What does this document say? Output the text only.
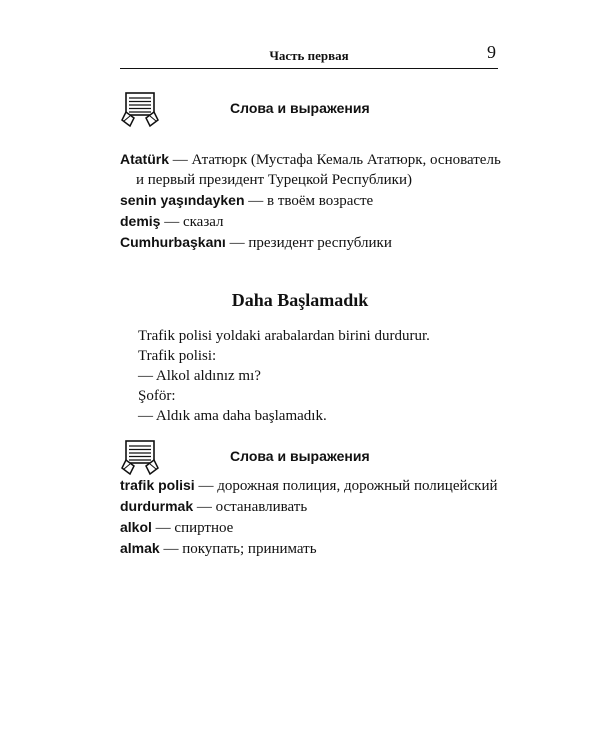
Часть первая	9
Слова и выражения
Atatürk — Ататюрк (Мустафа Кемаль Ататюрк, основатель
и первый президент Турецкой Республики)
senin yaşındayken — в твоём возрасте
demiş — сказал
Cumhurbaşkanı — президент республики
Daha Başlamadık

Trafik polisi yoldaki arabalardan birini durdurur.

Trafik polisi:

— Alkol aldınız mı?

Şoför:

— Aldık ama daha başlamadık.

Слова и выражения
trafik polisi — дорожная полиция, дорожный полицейский
durdurmak — останавливать
alkol — спиртное
almak — покупать; принимать
